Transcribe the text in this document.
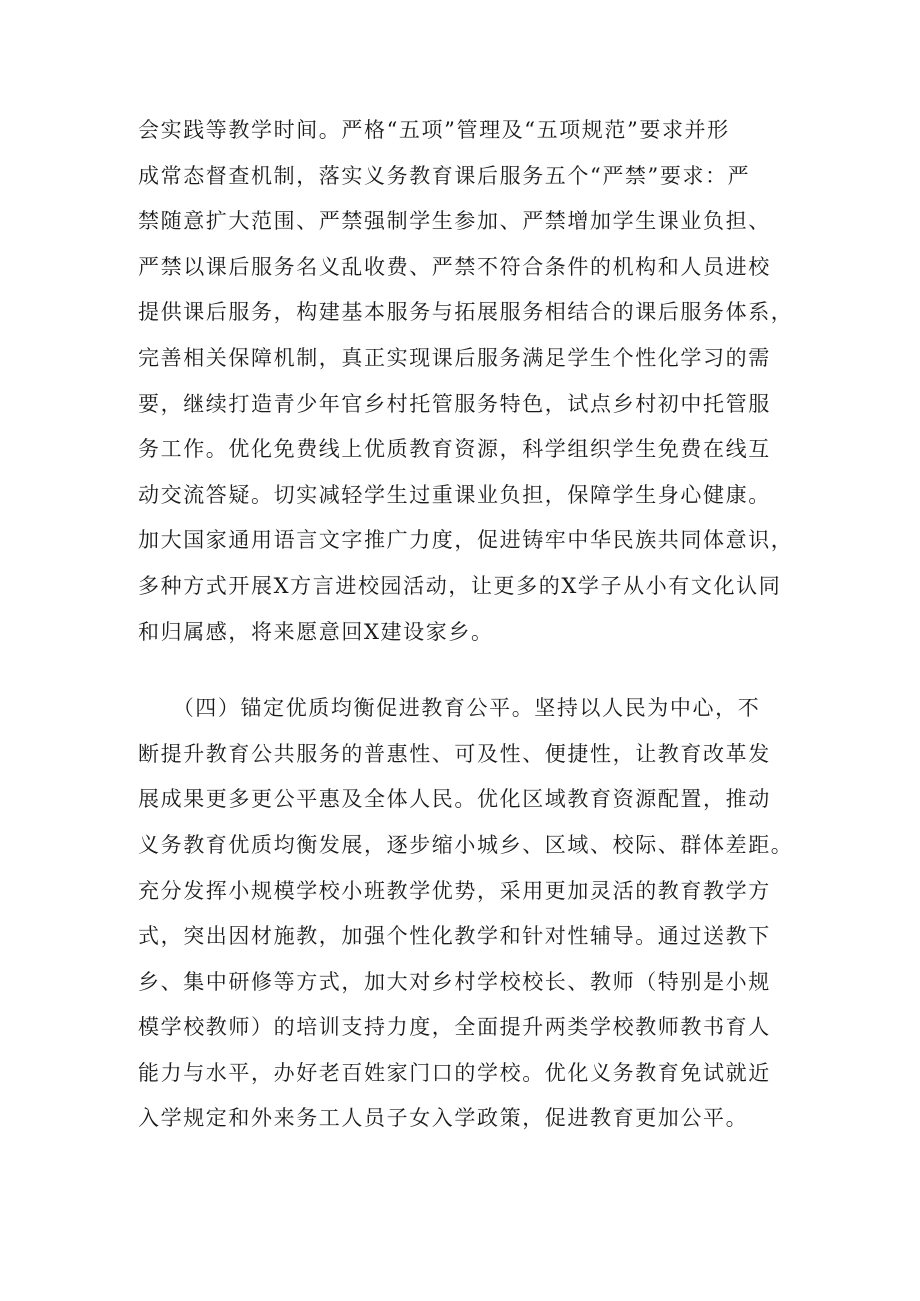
会实践等教学时间。严格“五项”管理及“五项规范”要求并形
成常态督查机制，落实义务教育课后服务五个“严禁”要求：严
禁随意扩大范围、严禁强制学生参加、严禁增加学生课业负担、
严禁以课后服务名义乱收费、严禁不符合条件的机构和人员进校
提供课后服务，构建基本服务与拓展服务相结合的课后服务体系，
完善相关保障机制，真正实现课后服务满足学生个性化学习的需
要，继续打造青少年官乡村托管服务特色，试点乡村初中托管服
务工作。优化免费线上优质教育资源，科学组织学生免费在线互
动交流答疑。切实减轻学生过重课业负担，保障学生身心健康。
加大国家通用语言文字推广力度，促进铸牢中华民族共同体意识，
多种方式开展X方言进校园活动，让更多的X学子从小有文化认同
和归属感，将来愿意回X建设家乡。
　　（四）锚定优质均衡促进教育公平。坚持以人民为中心，不
断提升教育公共服务的普惠性、可及性、便捷性，让教育改革发
展成果更多更公平惠及全体人民。优化区域教育资源配置，推动
义务教育优质均衡发展，逐步缩小城乡、区域、校际、群体差距。
充分发挥小规模学校小班教学优势，采用更加灵活的教育教学方
式，突出因材施教，加强个性化教学和针对性辅导。通过送教下
乡、集中研修等方式，加大对乡村学校校长、教师（特别是小规
模学校教师）的培训支持力度，全面提升两类学校教师教书育人
能力与水平，办好老百姓家门口的学校。优化义务教育免试就近
入学规定和外来务工人员子女入学政策，促进教育更加公平。
